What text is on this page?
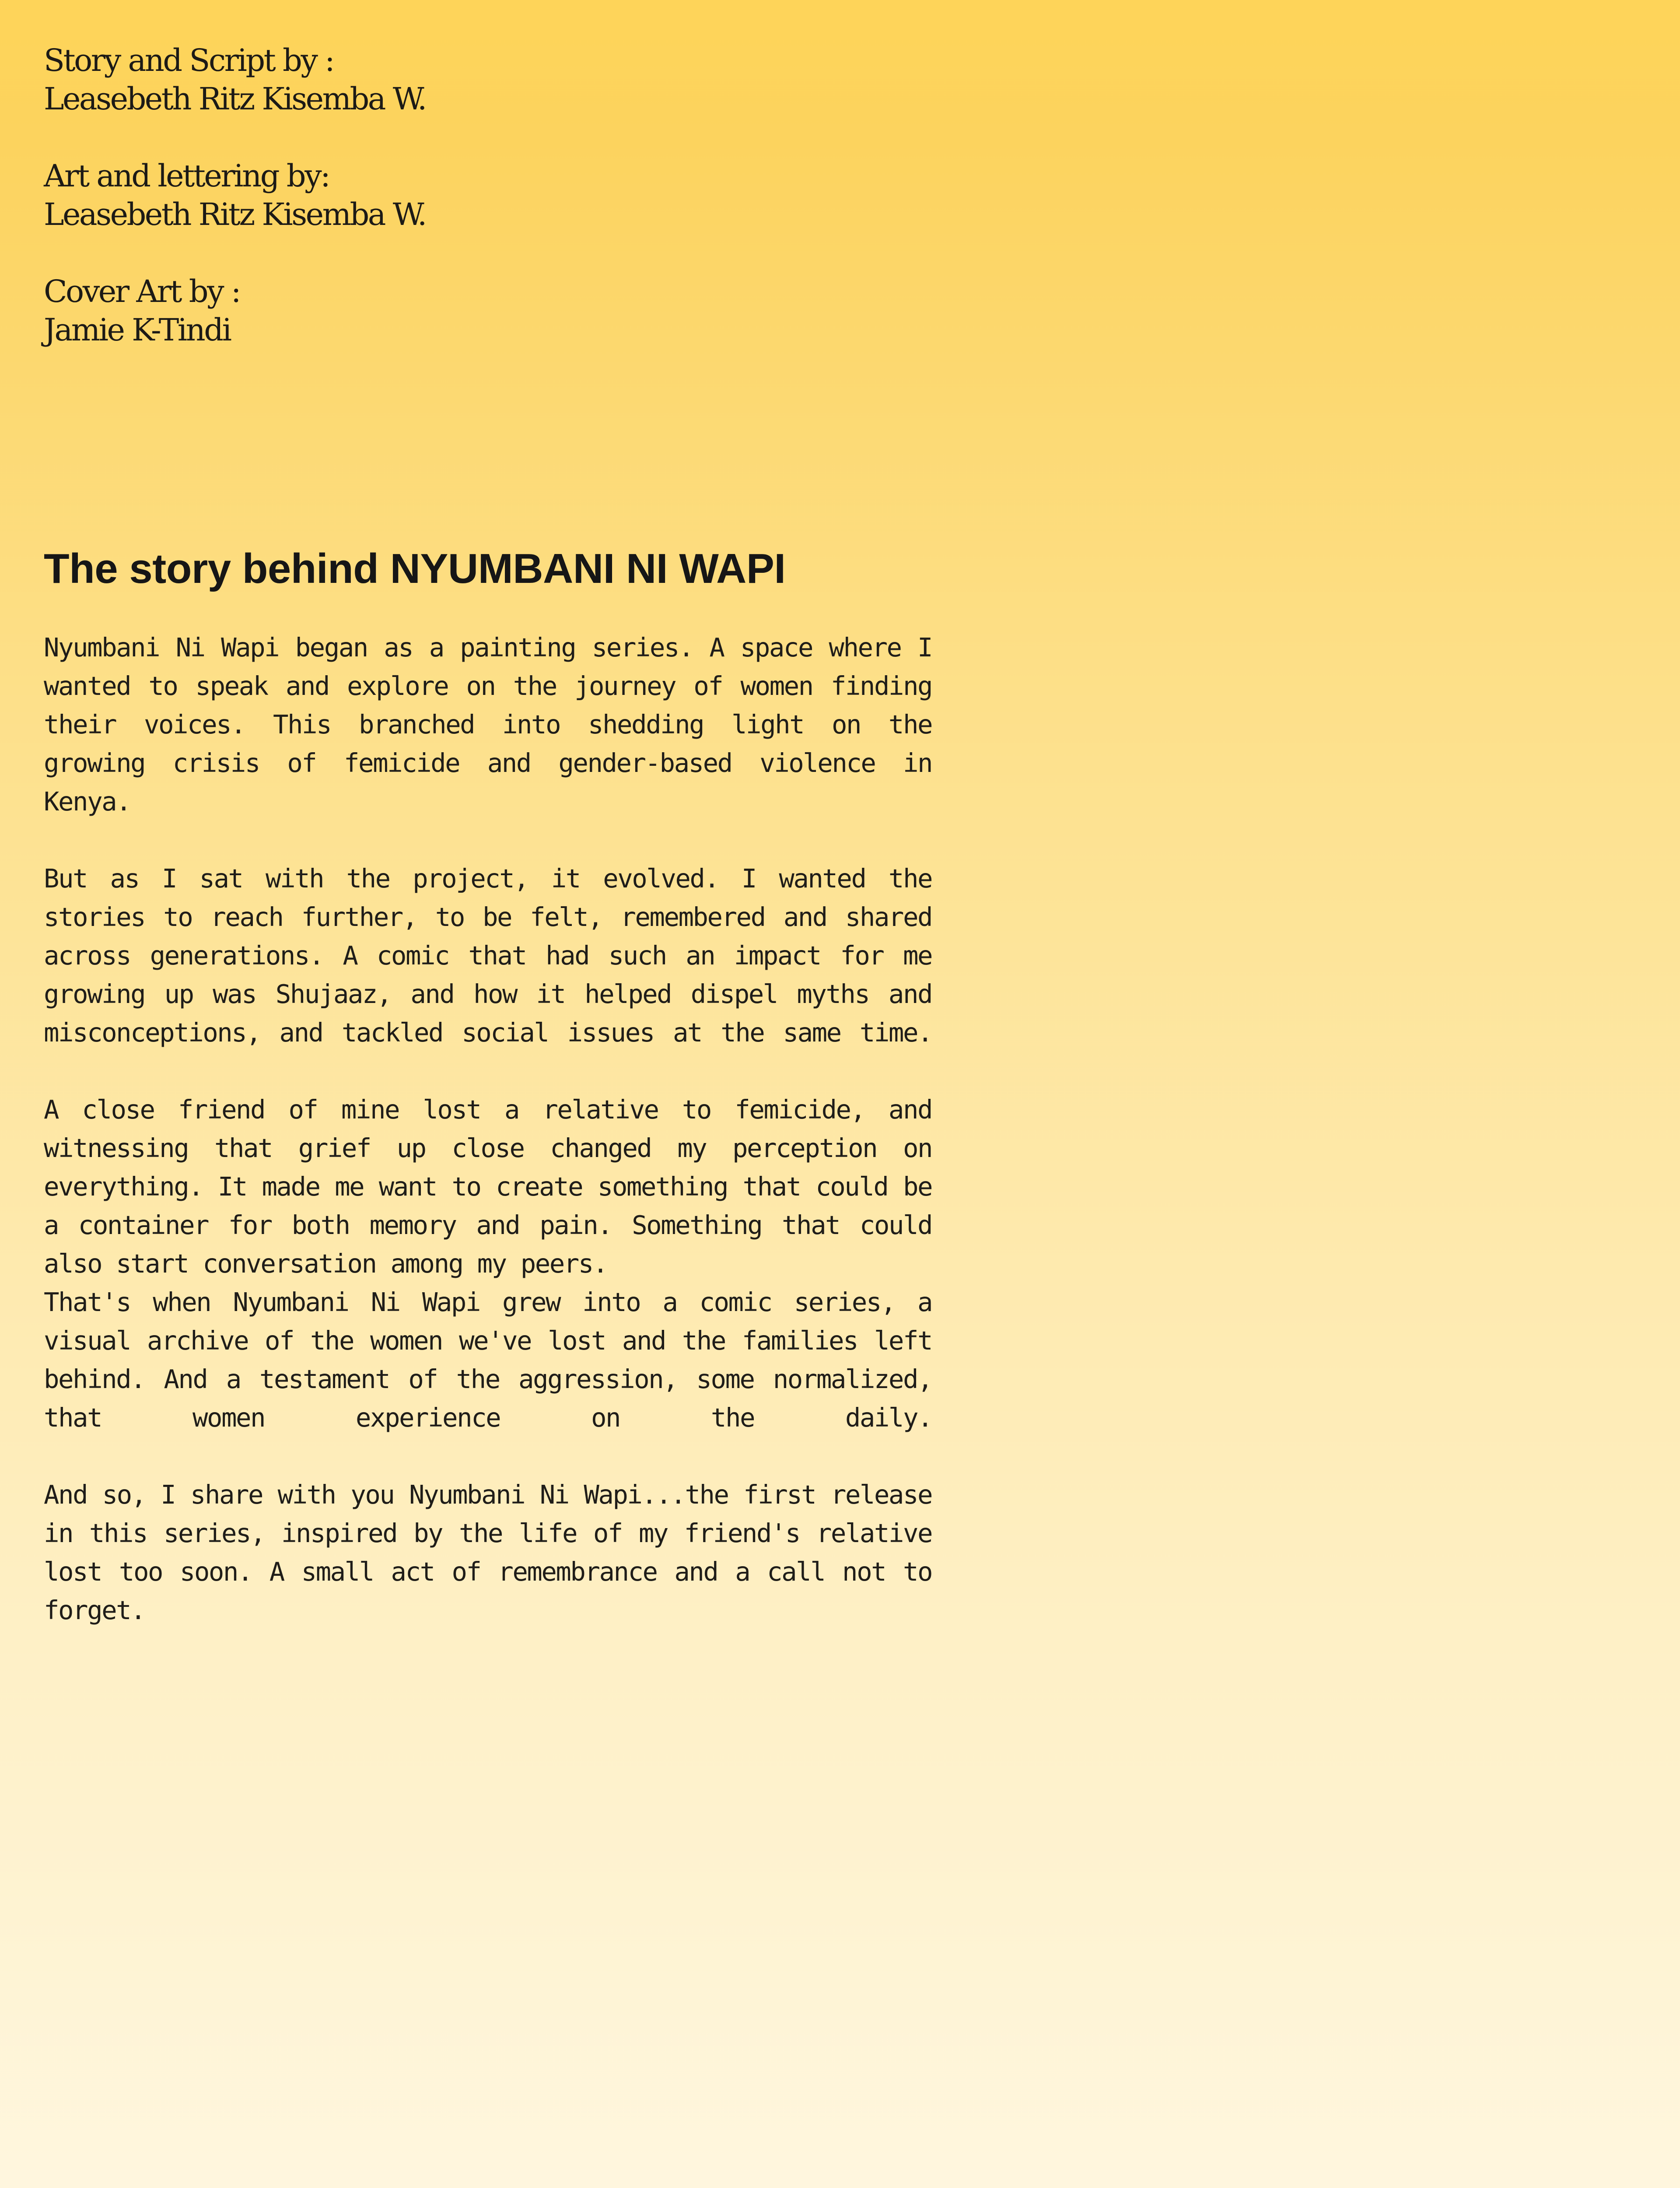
Story and Script by :
Leasebeth Ritz Kisemba W.
Art and lettering by:
Leasebeth Ritz Kisemba W.
Cover Art by :
Jamie K-Tindi
The story behind NYUMBANI NI WAPI

Nyumbani Ni Wapi began as a painting series. A space where I wanted to speak and explore on the journey of women finding their voices. This branched into shedding light on the growing crisis of femicide and gender-based violence in Kenya.

But as I sat with the project, it evolved. I wanted the stories to reach further, to be felt, remembered and shared across generations. A comic that had such an impact for me growing up was Shujaaz, and how it helped dispel myths and misconceptions, and tackled social issues at the same time.

A close friend of mine lost a relative to femicide, and witnessing that grief up close changed my perception on everything. It made me want to create something that could be a container for both memory and pain. Something that could also start conversation among my peers.

That's when Nyumbani Ni Wapi grew into a comic series, a visual archive of the women we've lost and the families left behind. And a testament of the aggression, some normalized, that women experience on the daily.

And so, I share with you Nyumbani Ni Wapi...the first release in this series, inspired by the life of my friend's relative lost too soon. A small act of remembrance and a call not to forget.
